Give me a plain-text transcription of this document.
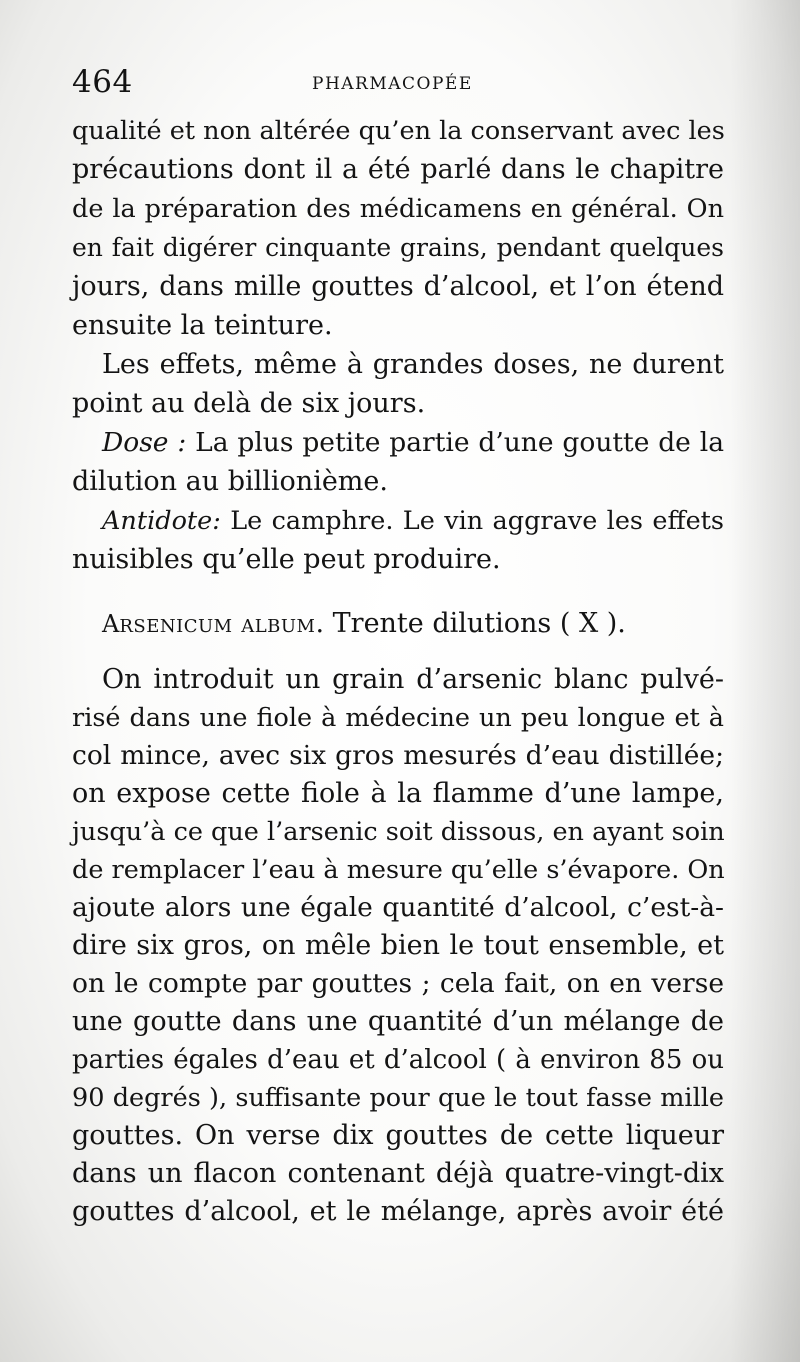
464	PHARMACOPÉE
qualité et non altérée qu’en la conservant avec les
précautions dont il a été parlé dans le chapitre
de la préparation des médicamens en général. On
en fait digérer cinquante grains, pendant quelques
jours, dans mille gouttes d’alcool, et l’on étend
ensuite la teinture.
Les effets, même à grandes doses, ne durent
point au delà de six jours.
Dose : La plus petite partie d’une goutte de la
dilution au billionième.
Antidote: Le camphre. Le vin aggrave les effets
nuisibles qu’elle peut produire.
ARSENICUM ALBUM. Trente dilutions ( X ).
On introduit un grain d’arsenic blanc pulvé-
risé dans une fiole à médecine un peu longue et à
col mince, avec six gros mesurés d’eau distillée;
on expose cette fiole à la flamme d’une lampe,
jusqu’à ce que l’arsenic soit dissous, en ayant soin
de remplacer l’eau à mesure qu’elle s’évapore. On
ajoute alors une égale quantité d’alcool, c’est-à-
dire six gros, on mêle bien le tout ensemble, et
on le compte par gouttes ; cela fait, on en verse
une goutte dans une quantité d’un mélange de
parties égales d’eau et d’alcool ( à environ 85 ou
90 degrés ), suffisante pour que le tout fasse mille
gouttes. On verse dix gouttes de cette liqueur
dans un flacon contenant déjà quatre-vingt-dix
gouttes d’alcool, et le mélange, après avoir été
